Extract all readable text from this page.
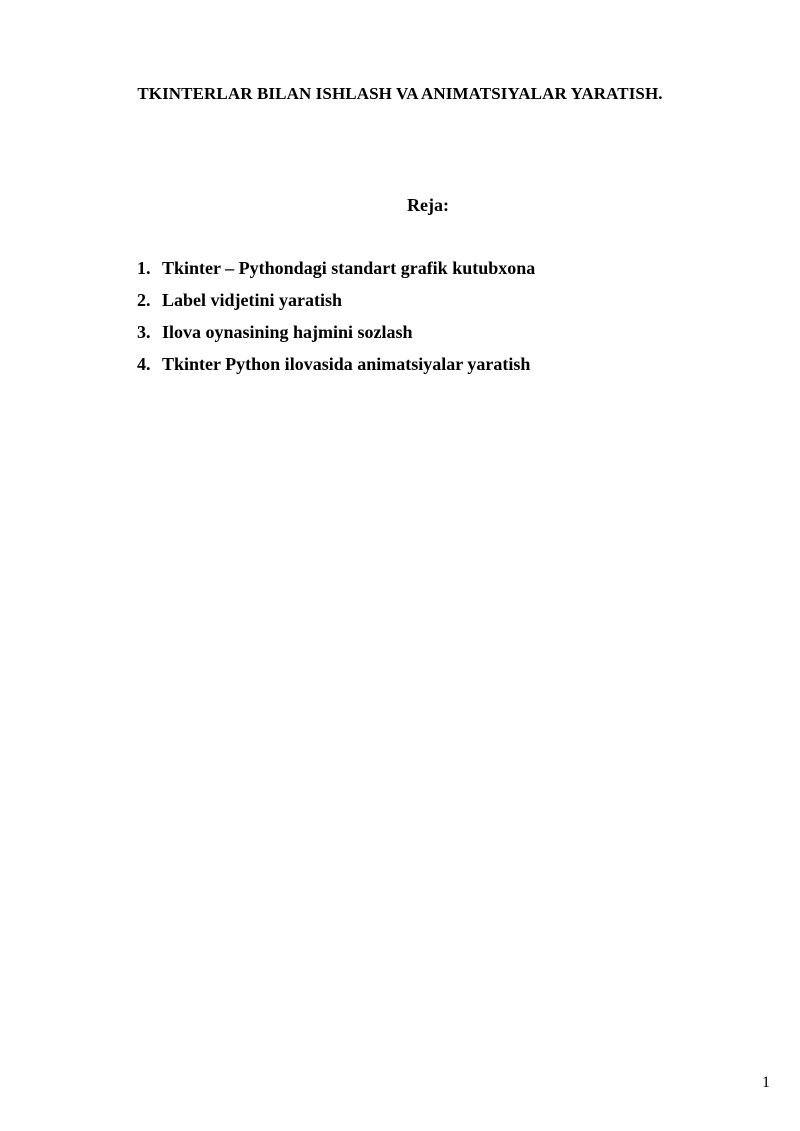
TKINTERLAR BILAN ISHLASH VA ANIMATSIYALAR YARATISH.
Reja:
1. Tkinter – Pythondagi standart grafik kutubxona
2. Label vidjetini yaratish
3. Ilova oynasining hajmini sozlash
4. Tkinter Python ilovasida animatsiyalar yaratish
1
